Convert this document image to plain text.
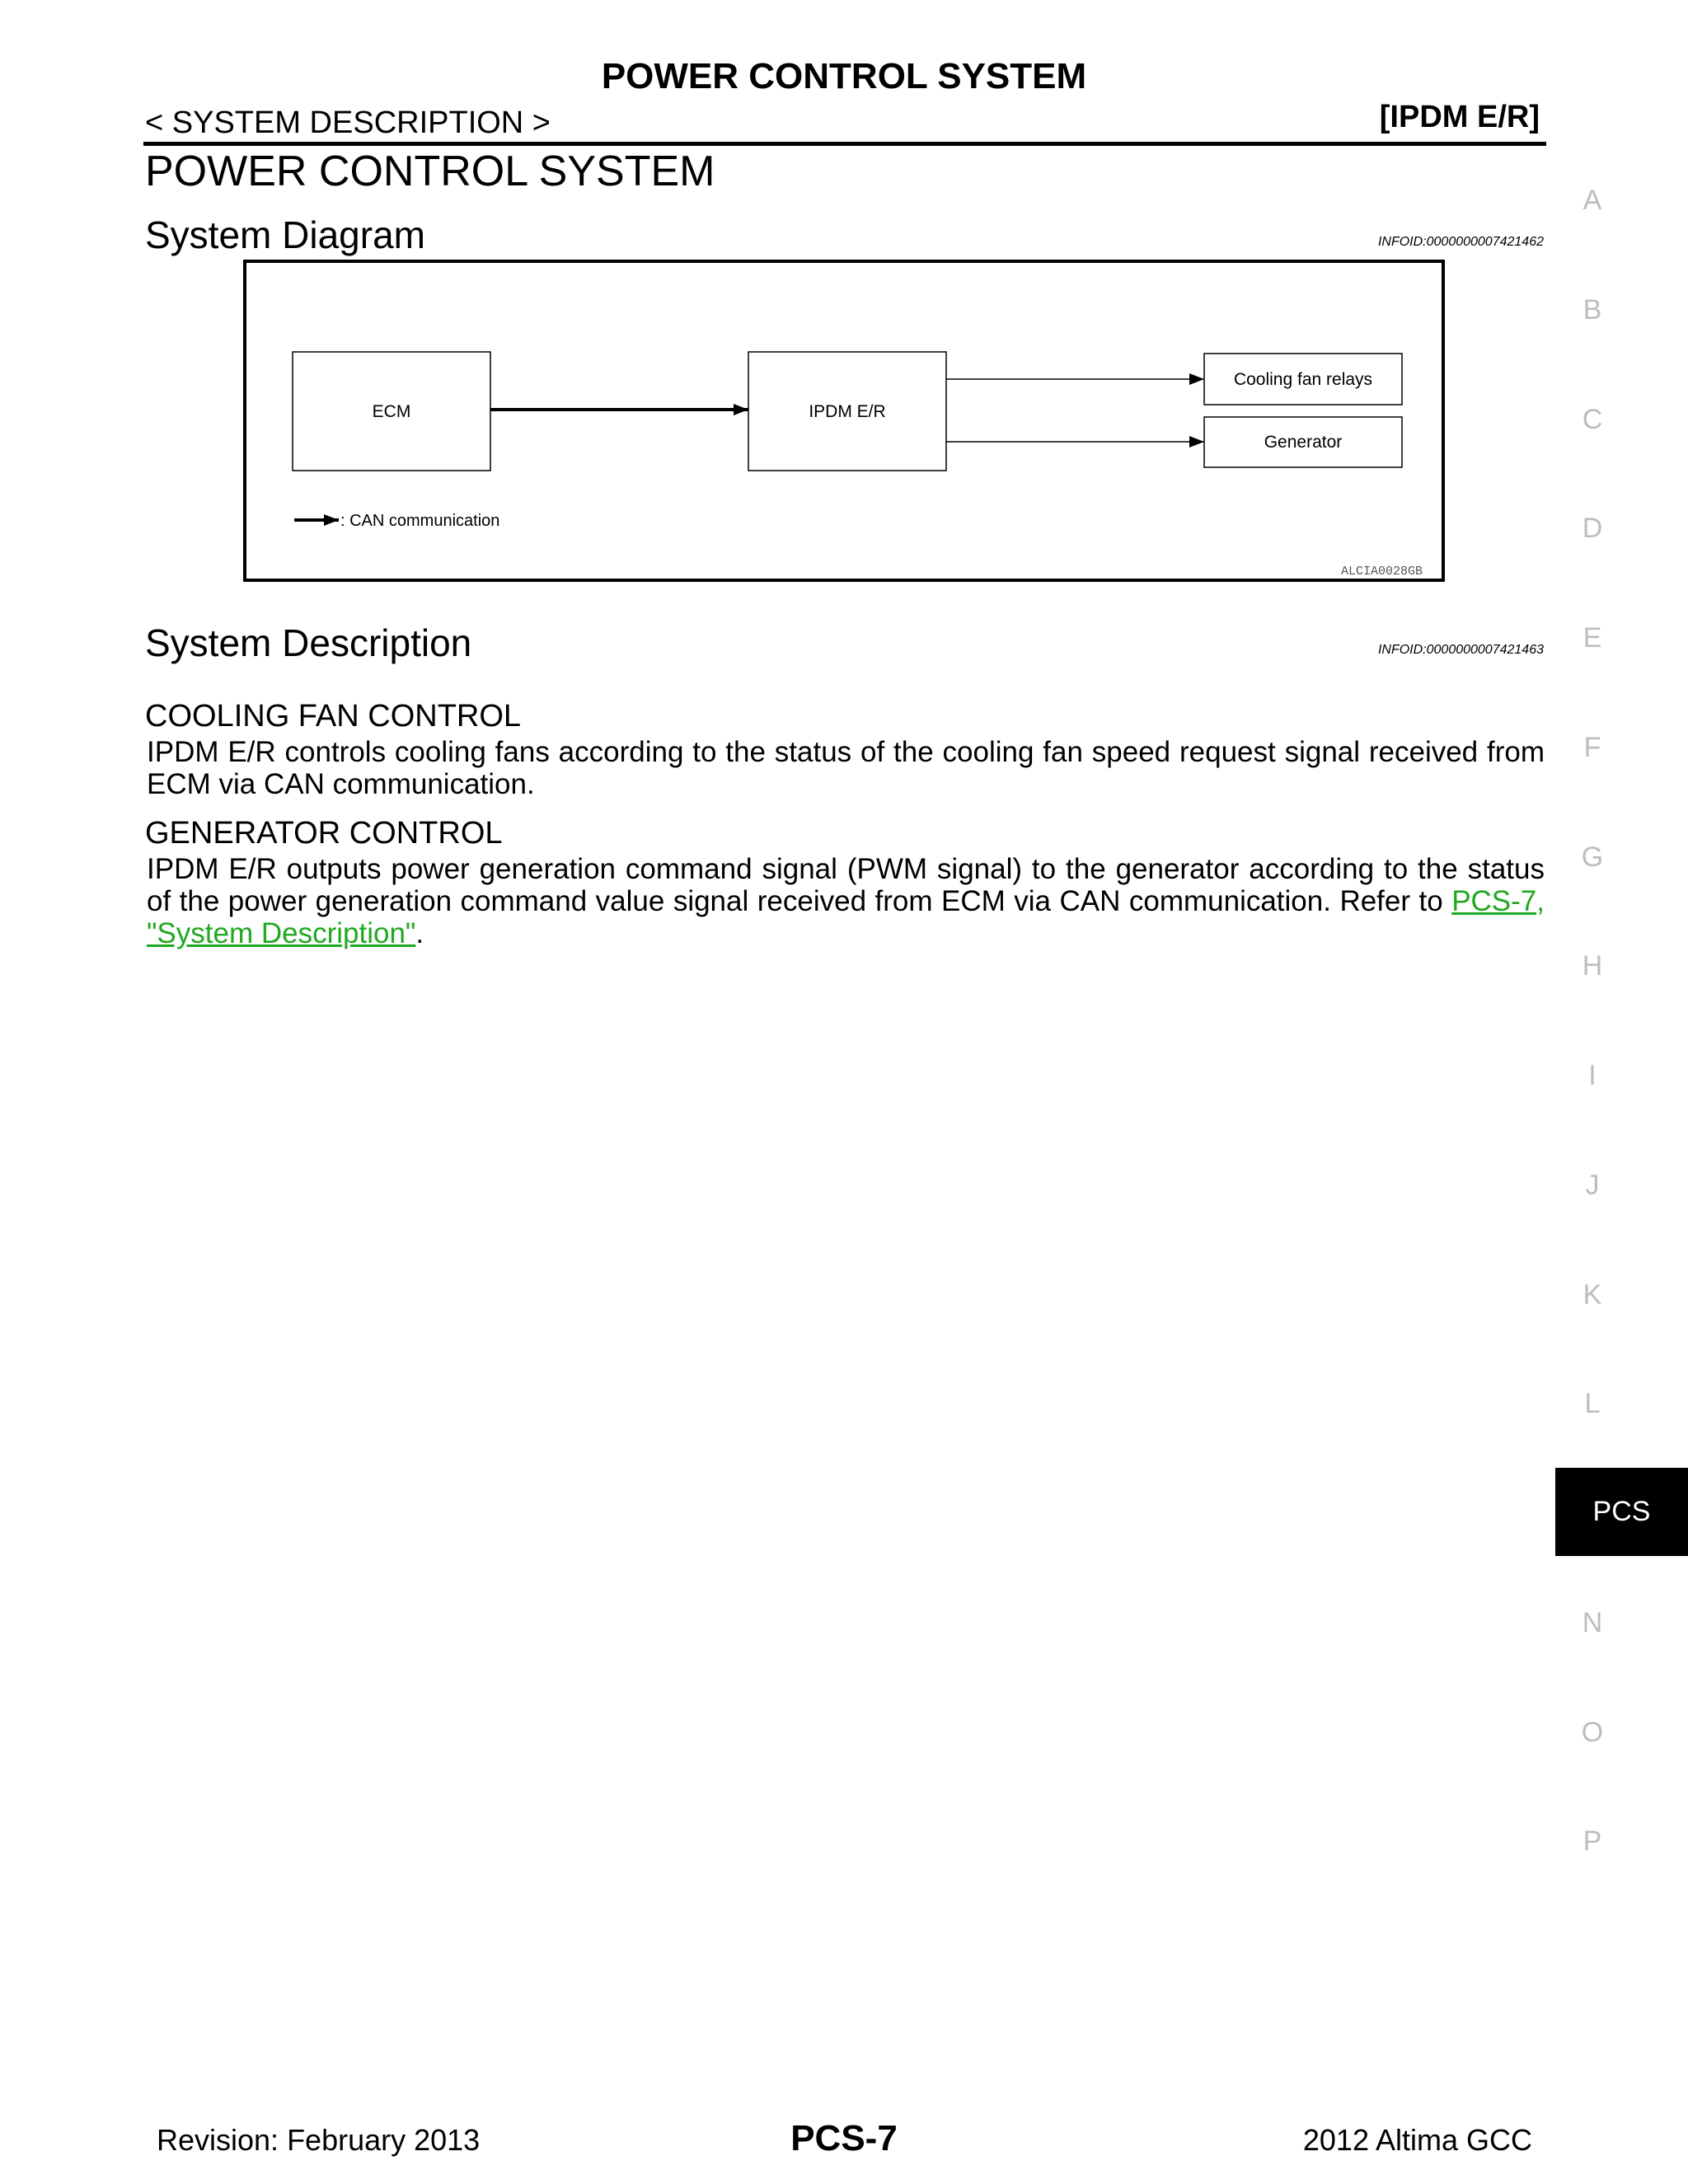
POWER CONTROL SYSTEM
< SYSTEM DESCRIPTION >	[IPDM E/R]
POWER CONTROL SYSTEM
System Diagram	INFOID:0000000007421462
ECM	IPDM E/R
Cooling fan relays
Generator
: CAN communication
ALCIA0028GB
System Description	INFOID:0000000007421463
COOLING FAN CONTROL
IPDM E/R controls cooling fans according to the status of the cooling fan speed request signal received from ECM via CAN communication.
GENERATOR CONTROL
IPDM E/R outputs power generation command signal (PWM signal) to the generator according to the status of the power generation command value signal received from ECM via CAN communication. Refer to PCS-7, "System Description".
A
B
C
D
E
F
G
H
I
J
K
L
PCS
N
O
P
Revision: February 2013	PCS-7	2012 Altima GCC
